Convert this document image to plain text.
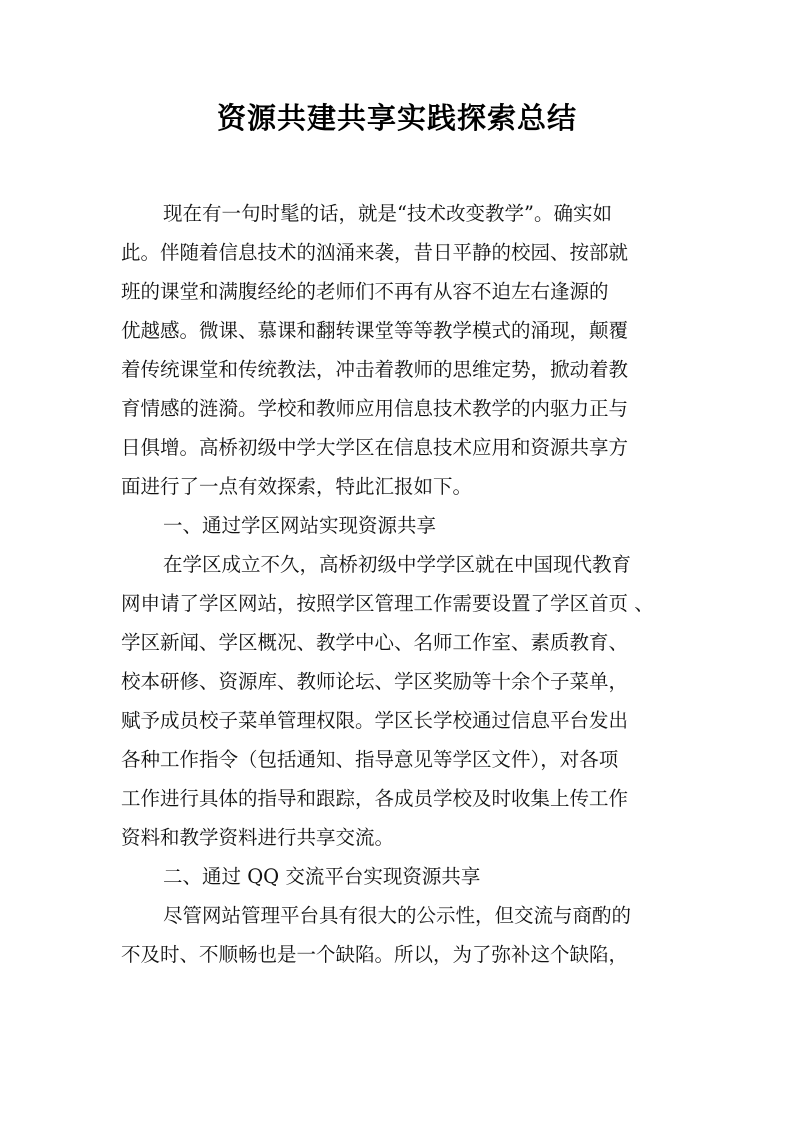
资源共建共享实践探索总结
现在有一句时髦的话，就是“技术改变教学”。确实如
此。伴随着信息技术的汹涌来袭，昔日平静的校园、按部就
班的课堂和满腹经纶的老师们不再有从容不迫左右逢源的
优越感。微课、慕课和翻转课堂等等教学模式的涌现，颠覆
着传统课堂和传统教法，冲击着教师的思维定势，掀动着教
育情感的涟漪。学校和教师应用信息技术教学的内驱力正与
日俱增。高桥初级中学大学区在信息技术应用和资源共享方
面进行了一点有效探索，特此汇报如下。
一、通过学区网站实现资源共享
在学区成立不久，高桥初级中学学区就在中国现代教育
网申请了学区网站，按照学区管理工作需要设置了学区首页 、
学区新闻、学区概况、教学中心、名师工作室、素质教育、
校本研修、资源库、教师论坛、学区奖励等十余个子菜单，
赋予成员校子菜单管理权限。学区长学校通过信息平台发出
各种工作指令（包括通知、指导意见等学区文件），对各项
工作进行具体的指导和跟踪，各成员学校及时收集上传工作
资料和教学资料进行共享交流。
二、通过 QQ 交流平台实现资源共享
尽管网站管理平台具有很大的公示性，但交流与商酌的
不及时、不顺畅也是一个缺陷。所以，为了弥补这个缺陷，
